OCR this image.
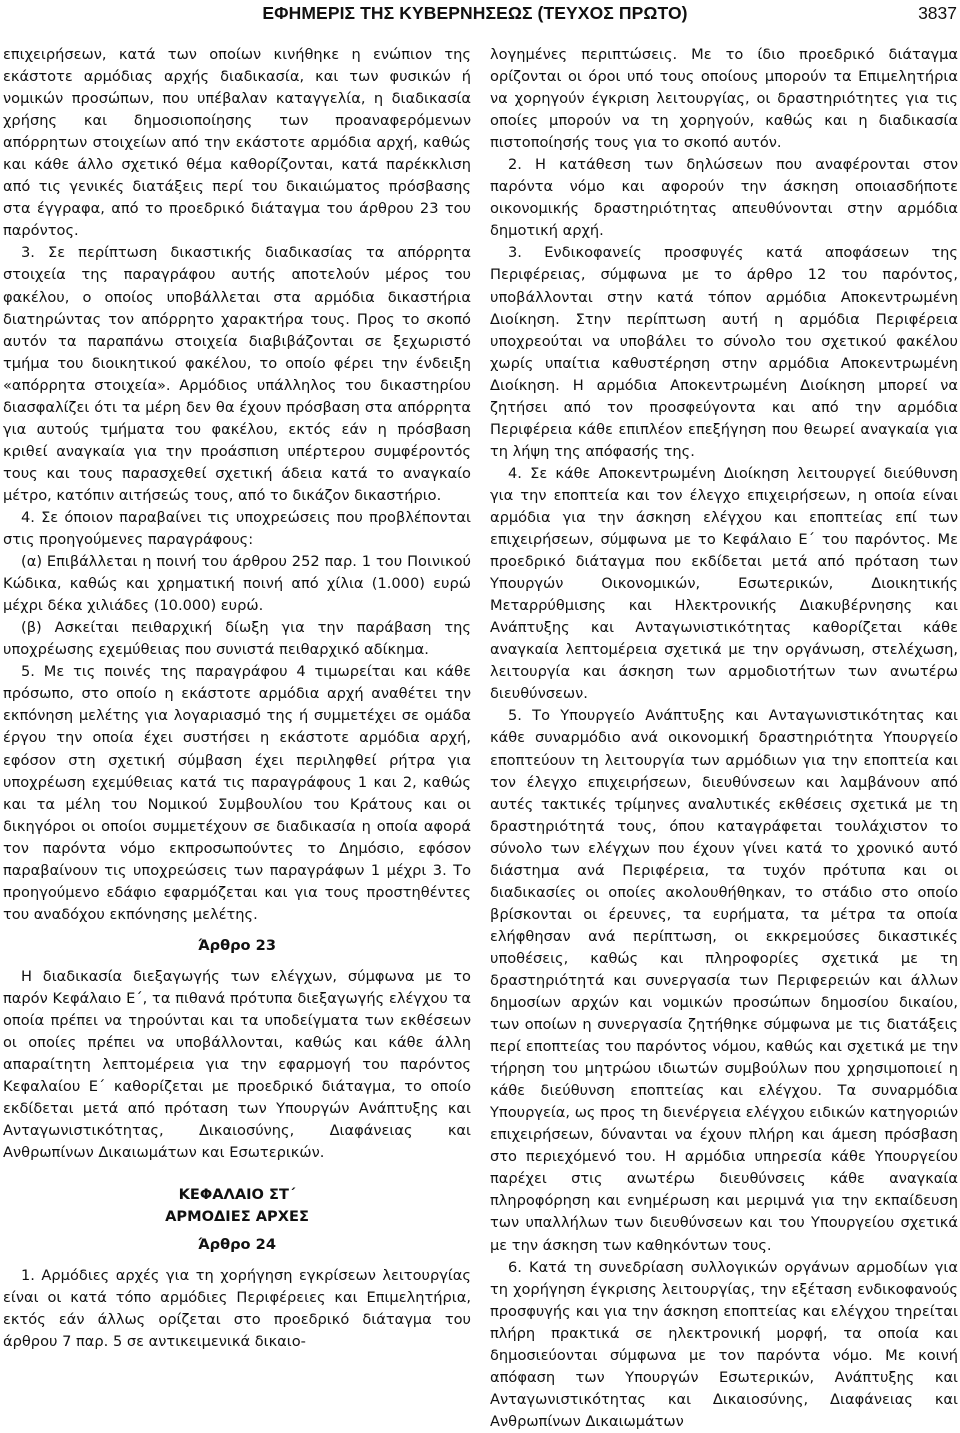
ΕΦΗΜΕΡΙΣ ΤΗΣ ΚΥΒΕΡΝΗΣΕΩΣ (ΤΕΥΧΟΣ ΠΡΩΤΟ)	3837

επιχειρήσεων, κατά των οποίων κινήθηκε η ενώπιον της εκάστοτε αρμόδιας αρχής διαδικασία, και των φυσικών ή νομικών προσώπων, που υπέβαλαν καταγγελία, η διαδικασία χρήσης και δημοσιοποίησης των προαναφερόμενων απόρρητων στοιχείων από την εκάστοτε αρμόδια αρχή, καθώς και κάθε άλλο σχετικό θέμα καθορίζονται, κατά παρέκκλιση από τις γενικές διατάξεις περί του δικαιώματος πρόσβασης στα έγγραφα, από το προεδρικό διάταγμα του άρθρου 23 του παρόντος.

3. Σε περίπτωση δικαστικής διαδικασίας τα απόρρητα στοιχεία της παραγράφου αυτής αποτελούν μέρος του φακέλου, ο οποίος υποβάλλεται στα αρμόδια δικαστήρια διατηρώντας τον απόρρητο χαρακτήρα τους. Προς το σκοπό αυτόν τα παραπάνω στοιχεία διαβιβάζονται σε ξεχωριστό τμήμα του διοικητικού φακέλου, το οποίο φέρει την ένδειξη «απόρρητα στοιχεία». Αρμόδιος υπάλληλος του δικαστηρίου διασφαλίζει ότι τα μέρη δεν θα έχουν πρόσβαση στα απόρρητα για αυτούς τμήματα του φακέλου, εκτός εάν η πρόσβαση κριθεί αναγκαία για την προάσπιση υπέρτερου συμφέροντός τους και τους παρασχεθεί σχετική άδεια κατά το αναγκαίο μέτρο, κατόπιν αιτήσεώς τους, από το δικάζον δικαστήριο.

4. Σε όποιον παραβαίνει τις υποχρεώσεις που προβλέπονται στις προηγούμενες παραγράφους:

(α) Επιβάλλεται η ποινή του άρθρου 252 παρ. 1 του Ποινικού Κώδικα, καθώς και χρηματική ποινή από χίλια (1.000) ευρώ μέχρι δέκα χιλιάδες (10.000) ευρώ.

(β) Ασκείται πειθαρχική δίωξη για την παράβαση της υποχρέωσης εχεμύθειας που συνιστά πειθαρχικό αδίκημα.

5. Με τις ποινές της παραγράφου 4 τιμωρείται και κάθε πρόσωπο, στο οποίο η εκάστοτε αρμόδια αρχή αναθέτει την εκπόνηση μελέτης για λογαριασμό της ή συμμετέχει σε ομάδα έργου την οποία έχει συστήσει η εκάστοτε αρμόδια αρχή, εφόσον στη σχετική σύμβαση έχει περιληφθεί ρήτρα για υποχρέωση εχεμύθειας κατά τις παραγράφους 1 και 2, καθώς και τα μέλη του Νομικού Συμβουλίου του Κράτους και οι δικηγόροι οι οποίοι συμμετέχουν σε διαδικασία η οποία αφορά τον παρόντα νόμο εκπροσωπούντες το Δημόσιο, εφόσον παραβαίνουν τις υποχρεώσεις των παραγράφων 1 μέχρι 3. Το προηγούμενο εδάφιο εφαρμόζεται και για τους προστηθέντες του αναδόχου εκπόνησης μελέτης.

Άρθρο 23

Η διαδικασία διεξαγωγής των ελέγχων, σύμφωνα με το παρόν Κεφάλαιο Ε΄, τα πιθανά πρότυπα διεξαγωγής ελέγχου τα οποία πρέπει να τηρούνται και τα υποδείγματα των εκθέσεων οι οποίες πρέπει να υποβάλλονται, καθώς και κάθε άλλη απαραίτητη λεπτομέρεια για την εφαρμογή του παρόντος Κεφαλαίου Ε΄ καθορίζεται με προεδρικό διάταγμα, το οποίο εκδίδεται μετά από πρόταση των Υπουργών Ανάπτυξης και Ανταγωνιστικότητας, Δικαιοσύνης, Διαφάνειας και Ανθρωπίνων Δικαιωμάτων και Εσωτερικών.

ΚΕΦΑΛΑΙΟ ΣΤ΄

ΑΡΜΟΔΙΕΣ ΑΡΧΕΣ

Άρθρο 24

1. Αρμόδιες αρχές για τη χορήγηση εγκρίσεων λειτουργίας είναι οι κατά τόπο αρμόδιες Περιφέρειες και Επιμελητήρια, εκτός εάν άλλως ορίζεται στο προεδρικό διάταγμα του άρθρου 7 παρ. 5 σε αντικειμενικά δικαιο-

λογημένες περιπτώσεις. Με το ίδιο προεδρικό διάταγμα ορίζονται οι όροι υπό τους οποίους μπορούν τα Επιμελητήρια να χορηγούν έγκριση λειτουργίας, οι δραστηριότητες για τις οποίες μπορούν να τη χορηγούν, καθώς και η διαδικασία πιστοποίησής τους για το σκοπό αυτόν.

2. Η κατάθεση των δηλώσεων που αναφέρονται στον παρόντα νόμο και αφορούν την άσκηση οποιασδήποτε οικονομικής δραστηριότητας απευθύνονται στην αρμόδια δημοτική αρχή.

3. Ενδικοφανείς προσφυγές κατά αποφάσεων της Περιφέρειας, σύμφωνα με το άρθρο 12 του παρόντος, υποβάλλονται στην κατά τόπον αρμόδια Αποκεντρωμένη Διοίκηση. Στην περίπτωση αυτή η αρμόδια Περιφέρεια υποχρεούται να υποβάλει το σύνολο του σχετικού φακέλου χωρίς υπαίτια καθυστέρηση στην αρμόδια Αποκεντρωμένη Διοίκηση. Η αρμόδια Αποκεντρωμένη Διοίκηση μπορεί να ζητήσει από τον προσφεύγοντα και από την αρμόδια Περιφέρεια κάθε επιπλέον επεξήγηση που θεωρεί αναγκαία για τη λήψη της απόφασής της.

4. Σε κάθε Αποκεντρωμένη Διοίκηση λειτουργεί διεύθυνση για την εποπτεία και τον έλεγχο επιχειρήσεων, η οποία είναι αρμόδια για την άσκηση ελέγχου και εποπτείας επί των επιχειρήσεων, σύμφωνα με το Κεφάλαιο Ε΄ του παρόντος. Με προεδρικό διάταγμα που εκδίδεται μετά από πρόταση των Υπουργών Οικονομικών, Εσωτερικών, Διοικητικής Μεταρρύθμισης και Ηλεκτρονικής Διακυβέρνησης και Ανάπτυξης και Ανταγωνιστικότητας καθορίζεται κάθε αναγκαία λεπτομέρεια σχετικά με την οργάνωση, στελέχωση, λειτουργία και άσκηση των αρμοδιοτήτων των ανωτέρω διευθύνσεων.

5. Το Υπουργείο Ανάπτυξης και Ανταγωνιστικότητας και κάθε συναρμόδιο ανά οικονομική δραστηριότητα Υπουργείο εποπτεύουν τη λειτουργία των αρμόδιων για την εποπτεία και τον έλεγχο επιχειρήσεων, διευθύνσεων και λαμβάνουν από αυτές τακτικές τρίμηνες αναλυτικές εκθέσεις σχετικά με τη δραστηριότητά τους, όπου καταγράφεται τουλάχιστον το σύνολο των ελέγχων που έχουν γίνει κατά το χρονικό αυτό διάστημα ανά Περιφέρεια, τα τυχόν πρότυπα και οι διαδικασίες οι οποίες ακολουθήθηκαν, το στάδιο στο οποίο βρίσκονται οι έρευνες, τα ευρήματα, τα μέτρα τα οποία ελήφθησαν ανά περίπτωση, οι εκκρεμούσες δικαστικές υποθέσεις, καθώς και πληροφορίες σχετικά με τη δραστηριότητά και συνεργασία των Περιφερειών και άλλων δημοσίων αρχών και νομικών προσώπων δημοσίου δικαίου, των οποίων η συνεργασία ζητήθηκε σύμφωνα με τις διατάξεις περί εποπτείας του παρόντος νόμου, καθώς και σχετικά με την τήρηση του μητρώου ιδιωτών συμβούλων που χρησιμοποιεί η κάθε διεύθυνση εποπτείας και ελέγχου. Τα συναρμόδια Υπουργεία, ως προς τη διενέργεια ελέγχου ειδικών κατηγοριών επιχειρήσεων, δύνανται να έχουν πλήρη και άμεση πρόσβαση στο περιεχόμενό του. Η αρμόδια υπηρεσία κάθε Υπουργείου παρέχει στις ανωτέρω διευθύνσεις κάθε αναγκαία πληροφόρηση και ενημέρωση και μεριμνά για την εκπαίδευση των υπαλλήλων των διευθύνσεων και του Υπουργείου σχετικά με την άσκηση των καθηκόντων τους.

6. Κατά τη συνεδρίαση συλλογικών οργάνων αρμοδίων για τη χορήγηση έγκρισης λειτουργίας, την εξέταση ενδικοφανούς προσφυγής και για την άσκηση εποπτείας και ελέγχου τηρείται πλήρη πρακτικά σε ηλεκτρονική μορφή, τα οποία και δημοσιεύονται σύμφωνα με τον παρόντα νόμο. Με κοινή απόφαση των Υπουργών Εσωτερικών, Ανάπτυξης και Ανταγωνιστικότητας και Δικαιοσύνης, Διαφάνειας και Ανθρωπίνων Δικαιωμάτων
